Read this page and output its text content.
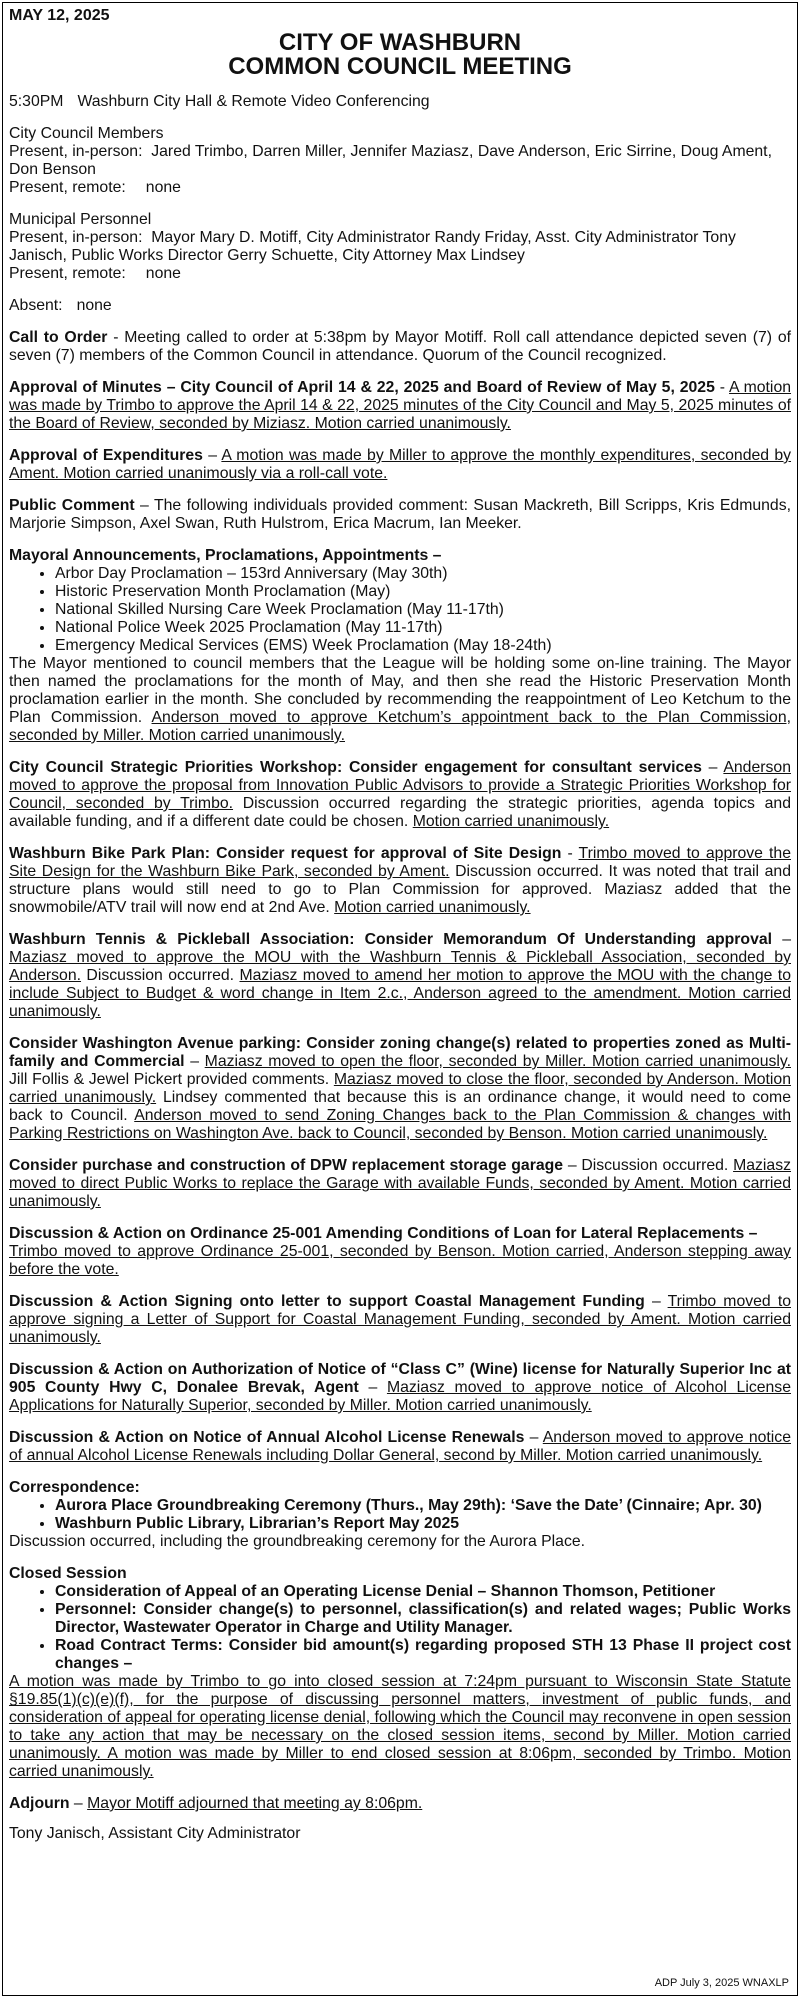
MAY 12, 2025
CITY OF WASHBURN
COMMON COUNCIL MEETING
5:30PM Washburn City Hall & Remote Video Conferencing
City Council Members
Present, in-person: Jared Trimbo, Darren Miller, Jennifer Maziasz, Dave Anderson, Eric Sirrine, Doug Ament, Don Benson
Present, remote: none
Municipal Personnel
Present, in-person: Mayor Mary D. Motiff, City Administrator Randy Friday, Asst. City Administrator Tony Janisch, Public Works Director Gerry Schuette, City Attorney Max Lindsey
Present, remote: none
Absent: none
Call to Order - Meeting called to order at 5:38pm by Mayor Motiff. Roll call attendance depicted seven (7) of seven (7) members of the Common Council in attendance. Quorum of the Council recognized.
Approval of Minutes – City Council of April 14 & 22, 2025 and Board of Review of May 5, 2025 - A motion was made by Trimbo to approve the April 14 & 22, 2025 minutes of the City Council and May 5, 2025 minutes of the Board of Review, seconded by Miziasz. Motion carried unanimously.
Approval of Expenditures – A motion was made by Miller to approve the monthly expenditures, seconded by Ament. Motion carried unanimously via a roll-call vote.
Public Comment – The following individuals provided comment: Susan Mackreth, Bill Scripps, Kris Edmunds, Marjorie Simpson, Axel Swan, Ruth Hulstrom, Erica Macrum, Ian Meeker.
Mayoral Announcements, Proclamations, Appointments –
• Arbor Day Proclamation – 153rd Anniversary (May 30th)
• Historic Preservation Month Proclamation (May)
• National Skilled Nursing Care Week Proclamation (May 11-17th)
• National Police Week 2025 Proclamation (May 11-17th)
• Emergency Medical Services (EMS) Week Proclamation (May 18-24th)
The Mayor mentioned to council members that the League will be holding some on-line training. The Mayor then named the proclamations for the month of May, and then she read the Historic Preservation Month proclamation earlier in the month. She concluded by recommending the reappointment of Leo Ketchum to the Plan Commission. Anderson moved to approve Ketchum’s appointment back to the Plan Commission, seconded by Miller. Motion carried unanimously.
City Council Strategic Priorities Workshop: Consider engagement for consultant services – Anderson moved to approve the proposal from Innovation Public Advisors to provide a Strategic Priorities Workshop for Council, seconded by Trimbo. Discussion occurred regarding the strategic priorities, agenda topics and available funding, and if a different date could be chosen. Motion carried unanimously.
Washburn Bike Park Plan: Consider request for approval of Site Design - Trimbo moved to approve the Site Design for the Washburn Bike Park, seconded by Ament. Discussion occurred. It was noted that trail and structure plans would still need to go to Plan Commission for approved. Maziasz added that the snowmobile/ATV trail will now end at 2nd Ave. Motion carried unanimously.
Washburn Tennis & Pickleball Association: Consider Memorandum Of Understanding approval – Maziasz moved to approve the MOU with the Washburn Tennis & Pickleball Association, seconded by Anderson. Discussion occurred. Maziasz moved to amend her motion to approve the MOU with the change to include Subject to Budget & word change in Item 2.c., Anderson agreed to the amendment. Motion carried unanimously.
Consider Washington Avenue parking: Consider zoning change(s) related to properties zoned as Multi-family and Commercial – Maziasz moved to open the floor, seconded by Miller. Motion carried unanimously. Jill Follis & Jewel Pickert provided comments. Maziasz moved to close the floor, seconded by Anderson. Motion carried unanimously. Lindsey commented that because this is an ordinance change, it would need to come back to Council. Anderson moved to send Zoning Changes back to the Plan Commission & changes with Parking Restrictions on Washington Ave. back to Council, seconded by Benson. Motion carried unanimously.
Consider purchase and construction of DPW replacement storage garage – Discussion occurred. Maziasz moved to direct Public Works to replace the Garage with available Funds, seconded by Ament. Motion carried unanimously.
Discussion & Action on Ordinance 25-001 Amending Conditions of Loan for Lateral Replacements –
Trimbo moved to approve Ordinance 25-001, seconded by Benson. Motion carried, Anderson stepping away before the vote.
Discussion & Action Signing onto letter to support Coastal Management Funding – Trimbo moved to approve signing a Letter of Support for Coastal Management Funding, seconded by Ament. Motion carried unanimously.
Discussion & Action on Authorization of Notice of “Class C” (Wine) license for Naturally Superior Inc at 905 County Hwy C, Donalee Brevak, Agent – Maziasz moved to approve notice of Alcohol License Applications for Naturally Superior, seconded by Miller. Motion carried unanimously.
Discussion & Action on Notice of Annual Alcohol License Renewals – Anderson moved to approve notice of annual Alcohol License Renewals including Dollar General, second by Miller. Motion carried unanimously.
Correspondence:
• Aurora Place Groundbreaking Ceremony (Thurs., May 29th): ‘Save the Date’ (Cinnaire; Apr. 30)
• Washburn Public Library, Librarian’s Report May 2025
Discussion occurred, including the groundbreaking ceremony for the Aurora Place.
Closed Session
• Consideration of Appeal of an Operating License Denial – Shannon Thomson, Petitioner
• Personnel: Consider change(s) to personnel, classification(s) and related wages; Public Works Director, Wastewater Operator in Charge and Utility Manager.
• Road Contract Terms: Consider bid amount(s) regarding proposed STH 13 Phase II project cost changes –
A motion was made by Trimbo to go into closed session at 7:24pm pursuant to Wisconsin State Statute §19.85(1)(c)(e)(f), for the purpose of discussing personnel matters, investment of public funds, and consideration of appeal for operating license denial, following which the Council may reconvene in open session to take any action that may be necessary on the closed session items, second by Miller. Motion carried unanimously. A motion was made by Miller to end closed session at 8:06pm, seconded by Trimbo. Motion carried unanimously.
Adjourn – Mayor Motiff adjourned that meeting ay 8:06pm.
Tony Janisch, Assistant City Administrator
ADP July 3, 2025 WNAXLP
